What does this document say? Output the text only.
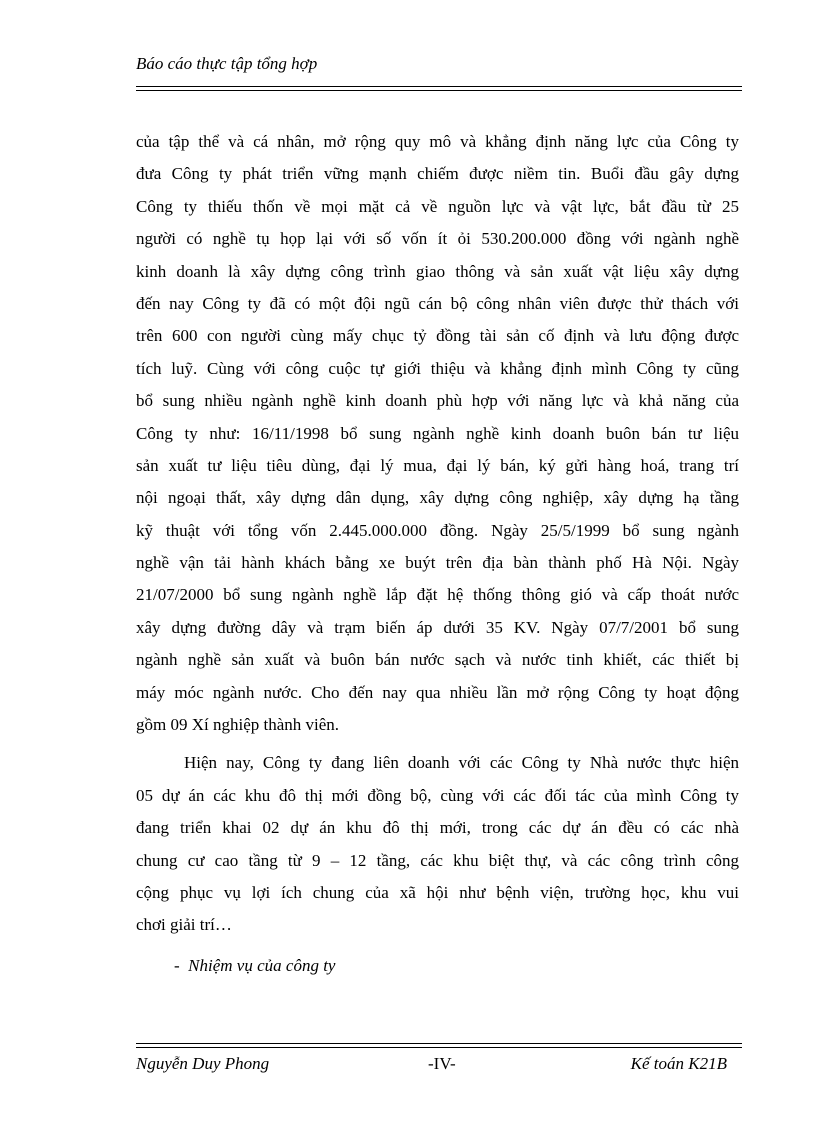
Báo cáo thực tập tổng hợp
của tập thể và cá nhân, mở rộng quy mô và khẳng định năng lực của Công ty
đưa Công ty phát triển vững mạnh chiếm được niềm tin. Buổi đầu gây dựng
Công ty thiếu thốn về mọi mặt cả về nguồn lực và vật lực, bắt đầu từ 25
người có nghề tụ họp lại với số vốn ít ỏi 530.200.000 đồng với ngành nghề
kinh doanh là xây dựng công trình giao thông và sản xuất vật liệu xây dựng
đến nay Công ty đã có một đội ngũ cán bộ công nhân viên được thử thách với
trên 600 con người cùng mấy chục tỷ đồng tài sản cố định và lưu động được
tích luỹ. Cùng với công cuộc tự giới thiệu và khẳng định mình Công ty cũng
bổ sung nhiều ngành nghề kinh doanh phù hợp với năng lực và khả năng của
Công ty như: 16/11/1998 bổ sung ngành nghề kinh doanh buôn bán tư liệu
sản xuất tư liệu tiêu dùng, đại lý mua, đại lý bán, ký gửi hàng hoá, trang trí
nội ngoại thất, xây dựng dân dụng, xây dựng công nghiệp, xây dựng hạ tầng
kỹ thuật với tổng vốn 2.445.000.000 đồng. Ngày 25/5/1999 bổ sung ngành
nghề vận tải hành khách bằng xe buýt trên địa bàn thành phố Hà Nội. Ngày
21/07/2000 bổ sung ngành nghề lắp đặt hệ thống thông gió và cấp thoát nước
xây dựng đường dây và trạm biến áp dưới 35 KV. Ngày 07/7/2001 bổ sung
ngành nghề sản xuất và buôn bán nước sạch và nước tinh khiết, các thiết bị
máy móc ngành nước. Cho đến nay qua nhiều lần mở rộng Công ty hoạt động
gồm 09 Xí nghiệp thành viên.
Hiện nay, Công ty đang liên doanh với các Công ty Nhà nước thực hiện
05 dự án các khu đô thị mới đồng bộ, cùng với các đối tác của mình Công ty
đang triển khai 02 dự án khu đô thị mới, trong các dự án đều có các nhà
chung cư cao tầng từ 9 – 12 tầng, các khu biệt thự, và các công trình công
cộng phục vụ lợi ích chung của xã hội như bệnh viện, trường học, khu vui
chơi giải trí…
- Nhiệm vụ của công ty
Nguyễn Duy Phong	-IV-	Kế toán K21B
